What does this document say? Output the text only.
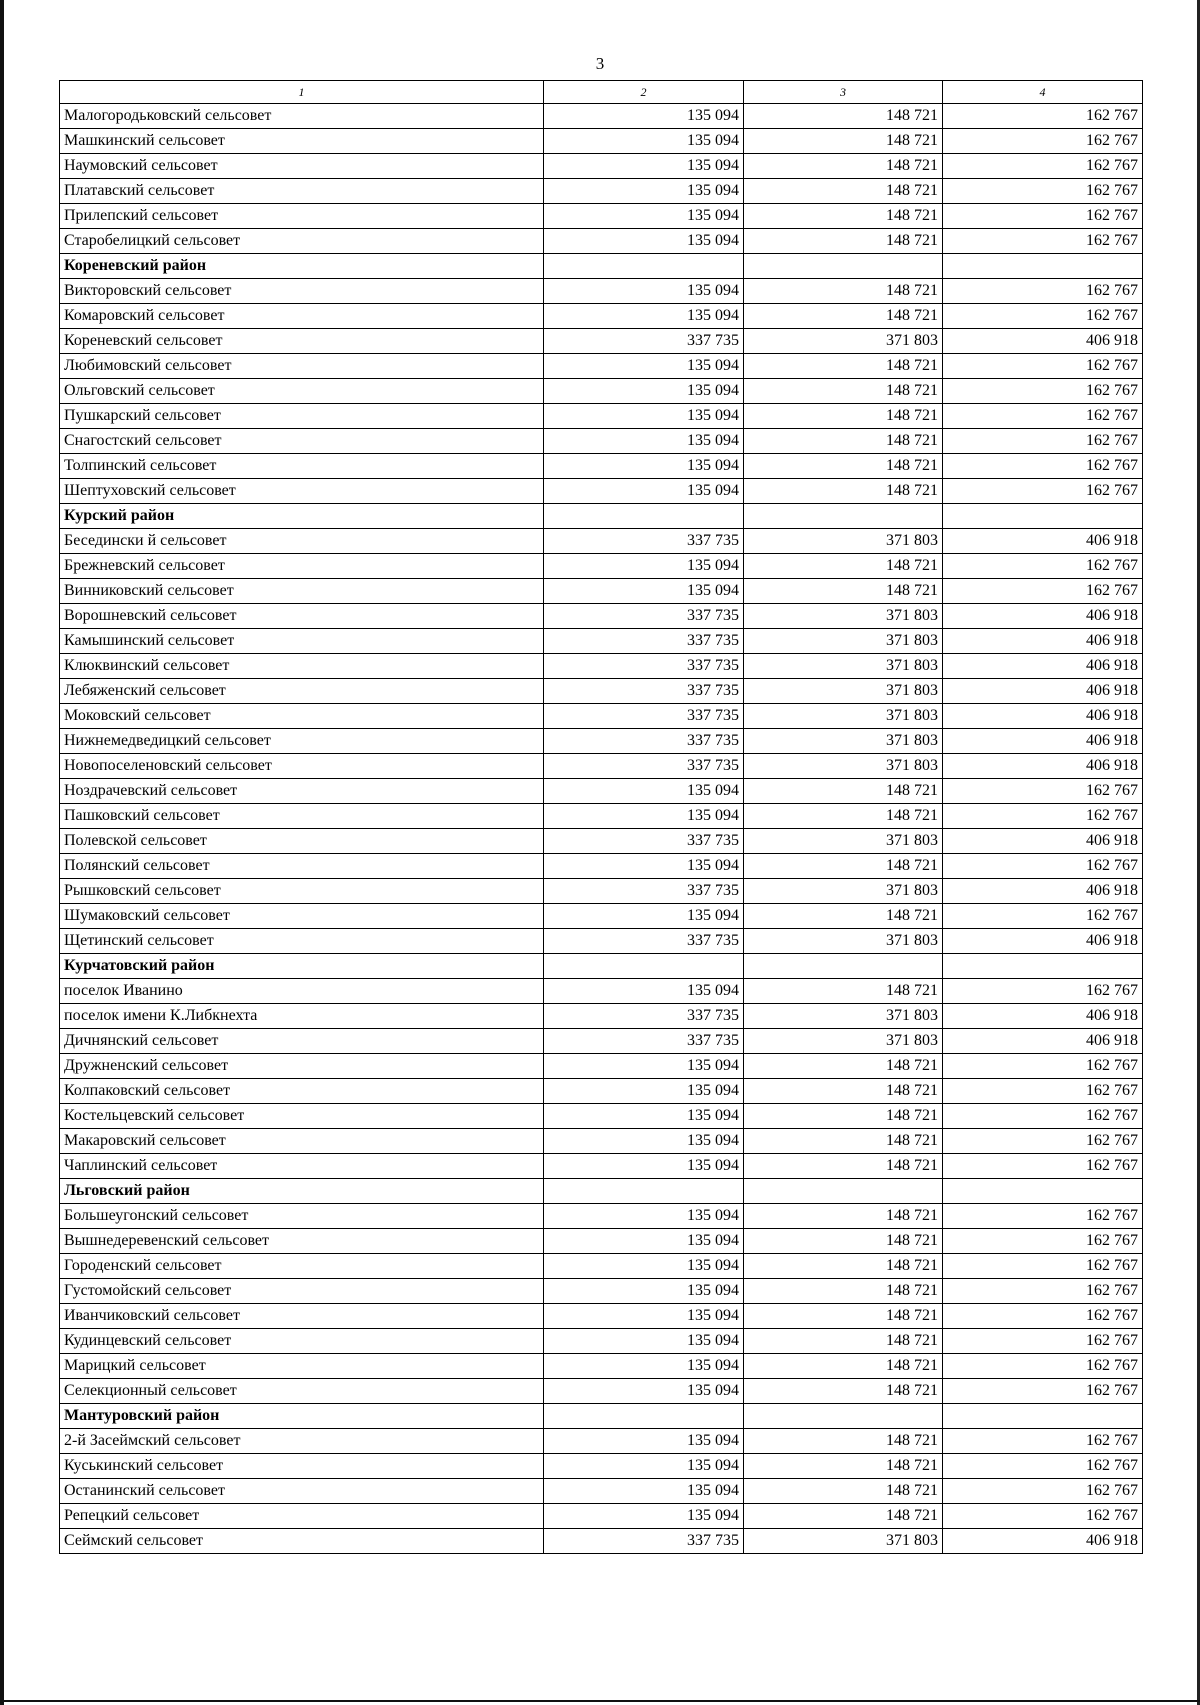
3
1	2	3	4
Малогородьковский сельсовет	135 094	148 721	162 767
Машкинский сельсовет	135 094	148 721	162 767
Наумовский сельсовет	135 094	148 721	162 767
Платавский сельсовет	135 094	148 721	162 767
Прилепский сельсовет	135 094	148 721	162 767
Старобелицкий сельсовет	135 094	148 721	162 767
Кореневский район			
Викторовский сельсовет	135 094	148 721	162 767
Комаровский сельсовет	135 094	148 721	162 767
Кореневский сельсовет	337 735	371 803	406 918
Любимовский сельсовет	135 094	148 721	162 767
Ольговский сельсовет	135 094	148 721	162 767
Пушкарский сельсовет	135 094	148 721	162 767
Снагостский сельсовет	135 094	148 721	162 767
Толпинский сельсовет	135 094	148 721	162 767
Шептуховский сельсовет	135 094	148 721	162 767
Курский район			
Беседински й сельсовет	337 735	371 803	406 918
Брежневский сельсовет	135 094	148 721	162 767
Винниковский сельсовет	135 094	148 721	162 767
Ворошневский сельсовет	337 735	371 803	406 918
Камышинский сельсовет	337 735	371 803	406 918
Клюквинский сельсовет	337 735	371 803	406 918
Лебяженский сельсовет	337 735	371 803	406 918
Моковский сельсовет	337 735	371 803	406 918
Нижнемедведицкий сельсовет	337 735	371 803	406 918
Новопоселеновский сельсовет	337 735	371 803	406 918
Ноздрачевский сельсовет	135 094	148 721	162 767
Пашковский сельсовет	135 094	148 721	162 767
Полевской сельсовет	337 735	371 803	406 918
Полянский сельсовет	135 094	148 721	162 767
Рышковский сельсовет	337 735	371 803	406 918
Шумаковский сельсовет	135 094	148 721	162 767
Щетинский сельсовет	337 735	371 803	406 918
Курчатовский район			
поселок Иванино	135 094	148 721	162 767
поселок имени К.Либкнехта	337 735	371 803	406 918
Дичнянский сельсовет	337 735	371 803	406 918
Дружненский сельсовет	135 094	148 721	162 767
Колпаковский сельсовет	135 094	148 721	162 767
Костельцевский сельсовет	135 094	148 721	162 767
Макаровский сельсовет	135 094	148 721	162 767
Чаплинский сельсовет	135 094	148 721	162 767
Льговский район			
Большеугонский сельсовет	135 094	148 721	162 767
Вышнедеревенский сельсовет	135 094	148 721	162 767
Городенский сельсовет	135 094	148 721	162 767
Густомойский сельсовет	135 094	148 721	162 767
Иванчиковский сельсовет	135 094	148 721	162 767
Кудинцевский сельсовет	135 094	148 721	162 767
Марицкий сельсовет	135 094	148 721	162 767
Селекционный сельсовет	135 094	148 721	162 767
Мантуровский район			
2-й Засеймский сельсовет	135 094	148 721	162 767
Куськинский сельсовет	135 094	148 721	162 767
Останинский сельсовет	135 094	148 721	162 767
Репецкий сельсовет	135 094	148 721	162 767
Сеймский сельсовет	337 735	371 803	406 918
